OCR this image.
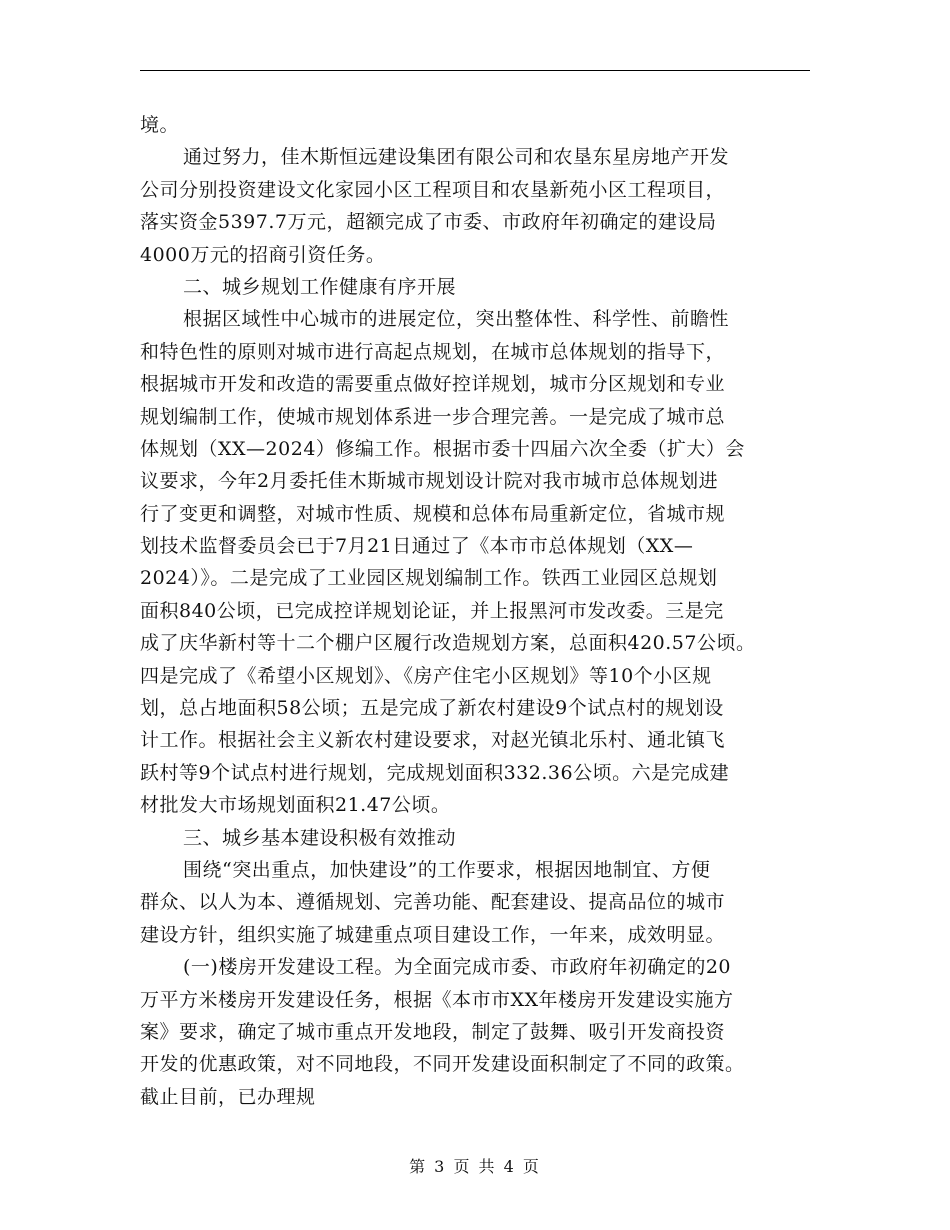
境。
通过努力，佳木斯恒远建设集团有限公司和农垦东星房地产开发
公司分别投资建设文化家园小区工程项目和农垦新苑小区工程项目，
落实资金5397.7万元，超额完成了市委、市政府年初确定的建设局
4000万元的招商引资任务。
二、城乡规划工作健康有序开展
根据区域性中心城市的进展定位，突出整体性、科学性、前瞻性
和特色性的原则对城市进行高起点规划，在城市总体规划的指导下，
根据城市开发和改造的需要重点做好控详规划，城市分区规划和专业
规划编制工作，使城市规划体系进一步合理完善。一是完成了城市总
体规划（XX—2024）修编工作。根据市委十四届六次全委（扩大）会
议要求，今年2月委托佳木斯城市规划设计院对我市城市总体规划进
行了变更和调整，对城市性质、规模和总体布局重新定位，省城市规
划技术监督委员会已于7月21日通过了《本市市总体规划（XX—
2024）》。二是完成了工业园区规划编制工作。铁西工业园区总规划
面积840公顷，已完成控详规划论证，并上报黑河市发改委。三是完
成了庆华新村等十二个棚户区履行改造规划方案，总面积420.57公顷。
四是完成了《希望小区规划》、《房产住宅小区规划》等10个小区规
划，总占地面积58公顷；五是完成了新农村建设9个试点村的规划设
计工作。根据社会主义新农村建设要求，对赵光镇北乐村、通北镇飞
跃村等9个试点村进行规划，完成规划面积332.36公顷。六是完成建
材批发大市场规划面积21.47公顷。
三、城乡基本建设积极有效推动
围绕“突出重点，加快建设”的工作要求，根据因地制宜、方便
群众、以人为本、遵循规划、完善功能、配套建设、提高品位的城市
建设方针，组织实施了城建重点项目建设工作，一年来，成效明显。
(一)楼房开发建设工程。为全面完成市委、市政府年初确定的20
万平方米楼房开发建设任务，根据《本市市XX年楼房开发建设实施方
案》要求，确定了城市重点开发地段，制定了鼓舞、吸引开发商投资
开发的优惠政策，对不同地段，不同开发建设面积制定了不同的政策。
截止目前，已办理规
第 3 页 共 4 页
